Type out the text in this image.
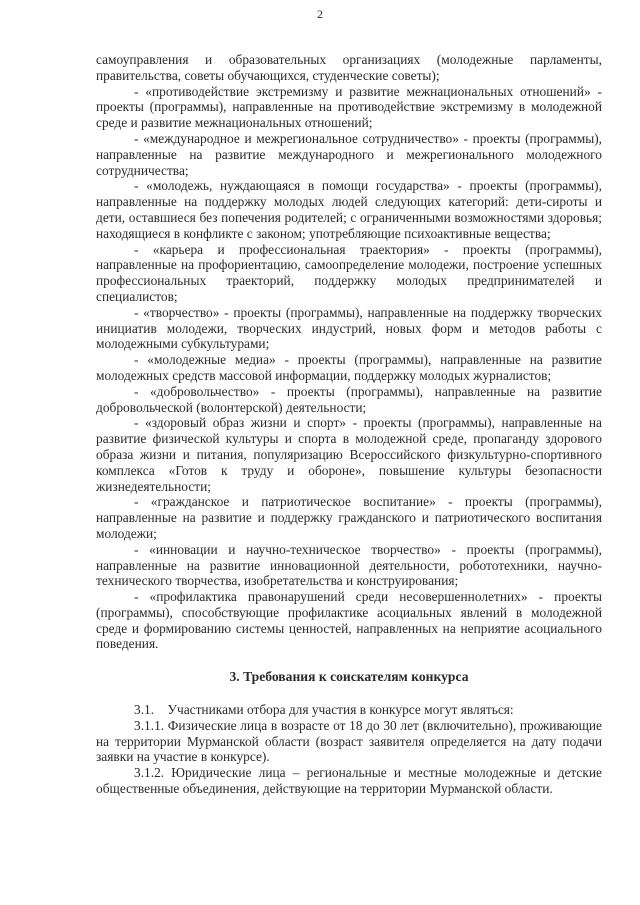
2

самоуправления и образовательных организациях (молодежные парламенты, правительства, советы обучающихся, студенческие советы);

- «противодействие экстремизму и развитие межнациональных отношений» - проекты (программы), направленные на противодействие экстремизму в молодежной среде и развитие межнациональных отношений;

- «международное и межрегиональное сотрудничество» - проекты (программы), направленные на развитие международного и межрегионального молодежного сотрудничества;

- «молодежь, нуждающаяся в помощи государства» - проекты (программы), направленные на поддержку молодых людей следующих категорий: дети-сироты и дети, оставшиеся без попечения родителей; с ограниченными возможностями здоровья; находящиеся в конфликте с законом; употребляющие психоактивные вещества;

- «карьера и профессиональная траектория» - проекты (программы), направленные на профориентацию, самоопределение молодежи, построение успешных профессиональных траекторий, поддержку молодых предпринимателей и специалистов;

- «творчество» - проекты (программы), направленные на поддержку творческих инициатив молодежи, творческих индустрий, новых форм и методов работы с молодежными субкультурами;

- «молодежные медиа» - проекты (программы), направленные на развитие молодежных средств массовой информации, поддержку молодых журналистов;

- «добровольчество» - проекты (программы), направленные на развитие добровольческой (волонтерской) деятельности;

- «здоровый образ жизни и спорт» - проекты (программы), направленные на развитие физической культуры и спорта в молодежной среде, пропаганду здорового образа жизни и питания, популяризацию Всероссийского физкультурно-спортивного комплекса «Готов к труду и обороне», повышение культуры безопасности жизнедеятельности;

- «гражданское и патриотическое воспитание» - проекты (программы), направленные на развитие и поддержку гражданского и патриотического воспитания молодежи;

- «инновации и научно-техническое творчество» - проекты (программы), направленные на развитие инновационной деятельности, робототехники, научно-технического творчества, изобретательства и конструирования;

- «профилактика правонарушений среди несовершеннолетних» - проекты (программы), способствующие профилактике асоциальных явлений в молодежной среде и формированию системы ценностей, направленных на неприятие асоциального поведения.

3. Требования к соискателям конкурса

3.1.    Участниками отбора для участия в конкурсе могут являться:

3.1.1. Физические лица в возрасте от 18 до 30 лет (включительно), проживающие на территории Мурманской области (возраст заявителя определяется на дату подачи заявки на участие в конкурсе).

3.1.2. Юридические лица – региональные и местные молодежные и детские общественные объединения, действующие на территории Мурманской области.
